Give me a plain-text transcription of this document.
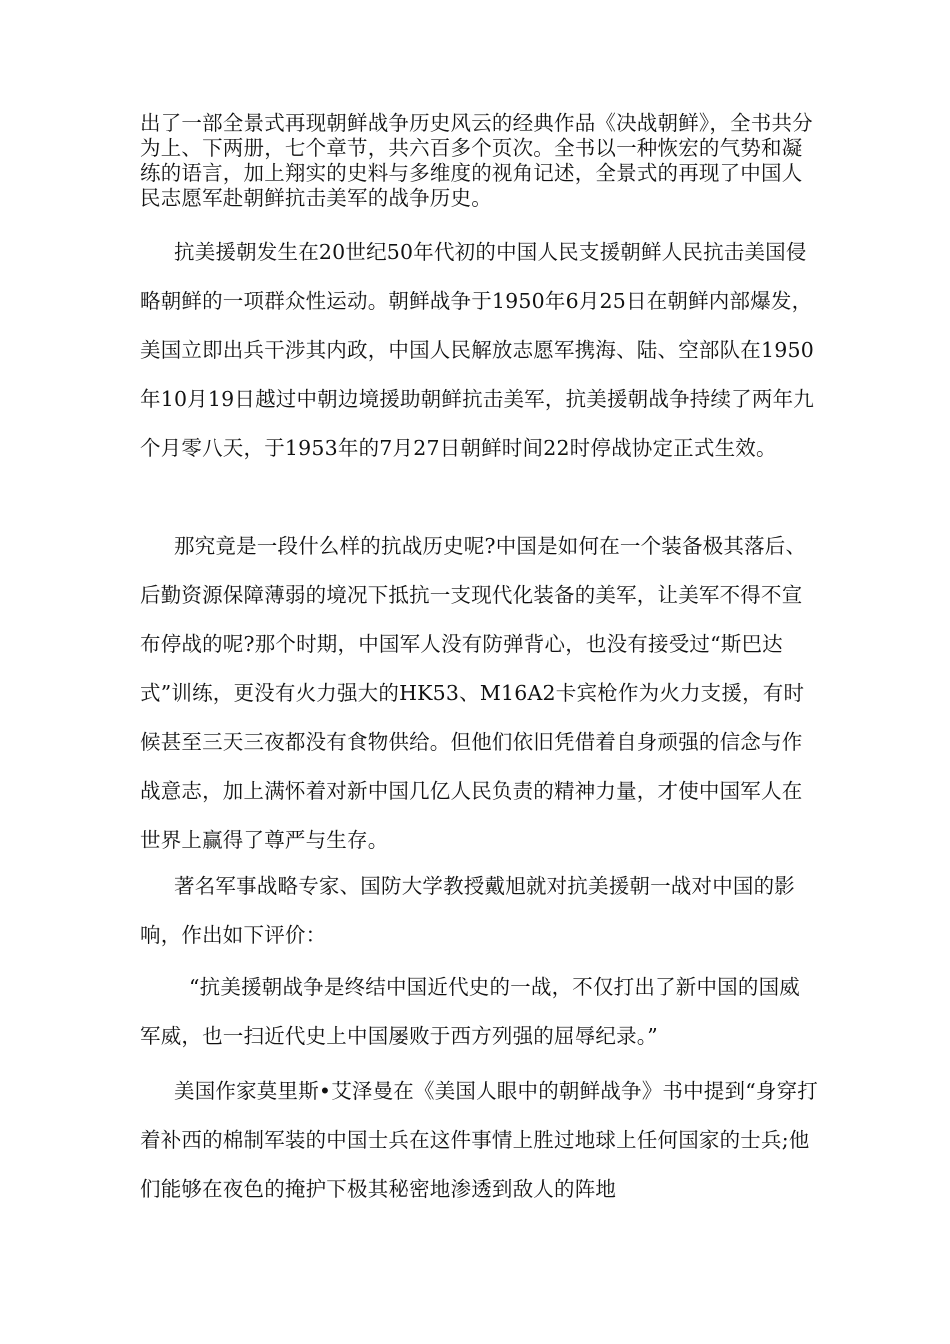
出了一部全景式再现朝鲜战争历史风云的经典作品《决战朝鲜》，全书共分为上、下两册，七个章节，共六百多个页次。全书以一种恢宏的气势和凝练的语言，加上翔实的史料与多维度的视角记述，全景式的再现了中国人民志愿军赴朝鲜抗击美军的战争历史。

抗美援朝发生在20世纪50年代初的中国人民支援朝鲜人民抗击美国侵略朝鲜的一项群众性运动。朝鲜战争于1950年6月25日在朝鲜内部爆发，美国立即出兵干涉其内政，中国人民解放志愿军携海、陆、空部队在1950年10月19日越过中朝边境援助朝鲜抗击美军，抗美援朝战争持续了两年九个月零八天，于1953年的7月27日朝鲜时间22时停战协定正式生效。

那究竟是一段什么样的抗战历史呢?中国是如何在一个装备极其落后、后勤资源保障薄弱的境况下抵抗一支现代化装备的美军，让美军不得不宣布停战的呢?那个时期，中国军人没有防弹背心，也没有接受过“斯巴达式”训练，更没有火力强大的HK53、M16A2卡宾枪作为火力支援，有时候甚至三天三夜都没有食物供给。但他们依旧凭借着自身顽强的信念与作战意志，加上满怀着对新中国几亿人民负责的精神力量，才使中国军人在世界上赢得了尊严与生存。

著名军事战略专家、国防大学教授戴旭就对抗美援朝一战对中国的影响，作出如下评价：

“抗美援朝战争是终结中国近代史的一战，不仅打出了新中国的国威军威，也一扫近代史上中国屡败于西方列强的屈辱纪录。”

美国作家莫里斯•艾泽曼在《美国人眼中的朝鲜战争》书中提到“身穿打着补西的棉制军装的中国士兵在这件事情上胜过地球上任何国家的士兵;他们能够在夜色的掩护下极其秘密地渗透到敌人的阵地
